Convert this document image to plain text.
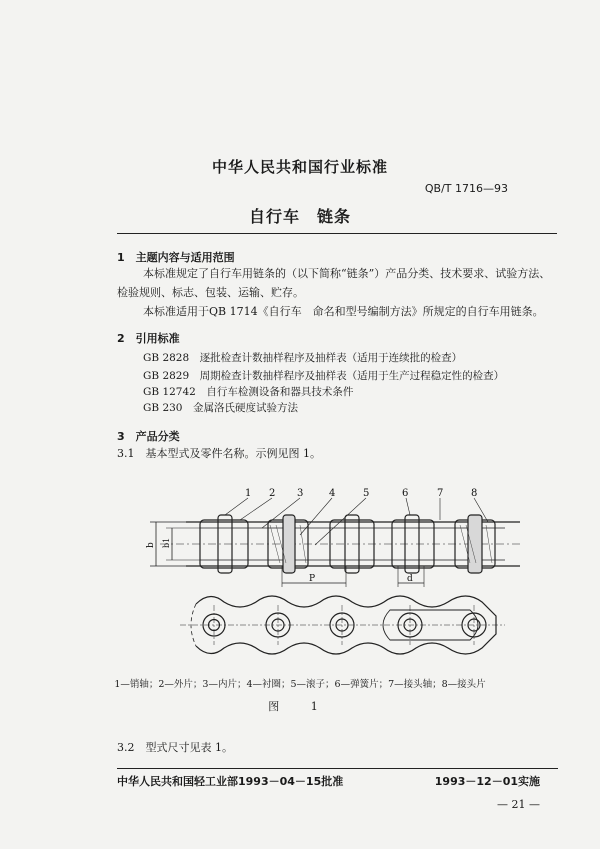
中华人民共和国行业标准
QB/T 1716—93
自行车　链条
1　主题内容与适用范围
本标准规定了自行车用链条的（以下简称“链条”）产品分类、技术要求、试验方法、
检验规则、标志、包装、运输、贮存。
本标准适用于QB 1714《自行车　命名和型号编制方法》所规定的自行车用链条。
2　引用标准
GB 2828　逐批检查计数抽样程序及抽样表（适用于连续批的检查）
GB 2829　周期检查计数抽样程序及抽样表（适用于生产过程稳定性的检查）
GB 12742　自行车检测设备和器具技术条件
GB 230　金属洛氏硬度试验方法
3　产品分类
3.1　基本型式及零件名称。示例见图 1。
1 2 3	4	5	6	7	8
b b1
P	d
1—销轴；2—外片；3—内片；4—衬圈；5—滚子；6—弹簧片；7—接头轴；8—接头片
图 1
3.2　型式尺寸见表 1。
中华人民共和国轻工业部1993－04－15批准	1993－12－01实施
— 21 —
